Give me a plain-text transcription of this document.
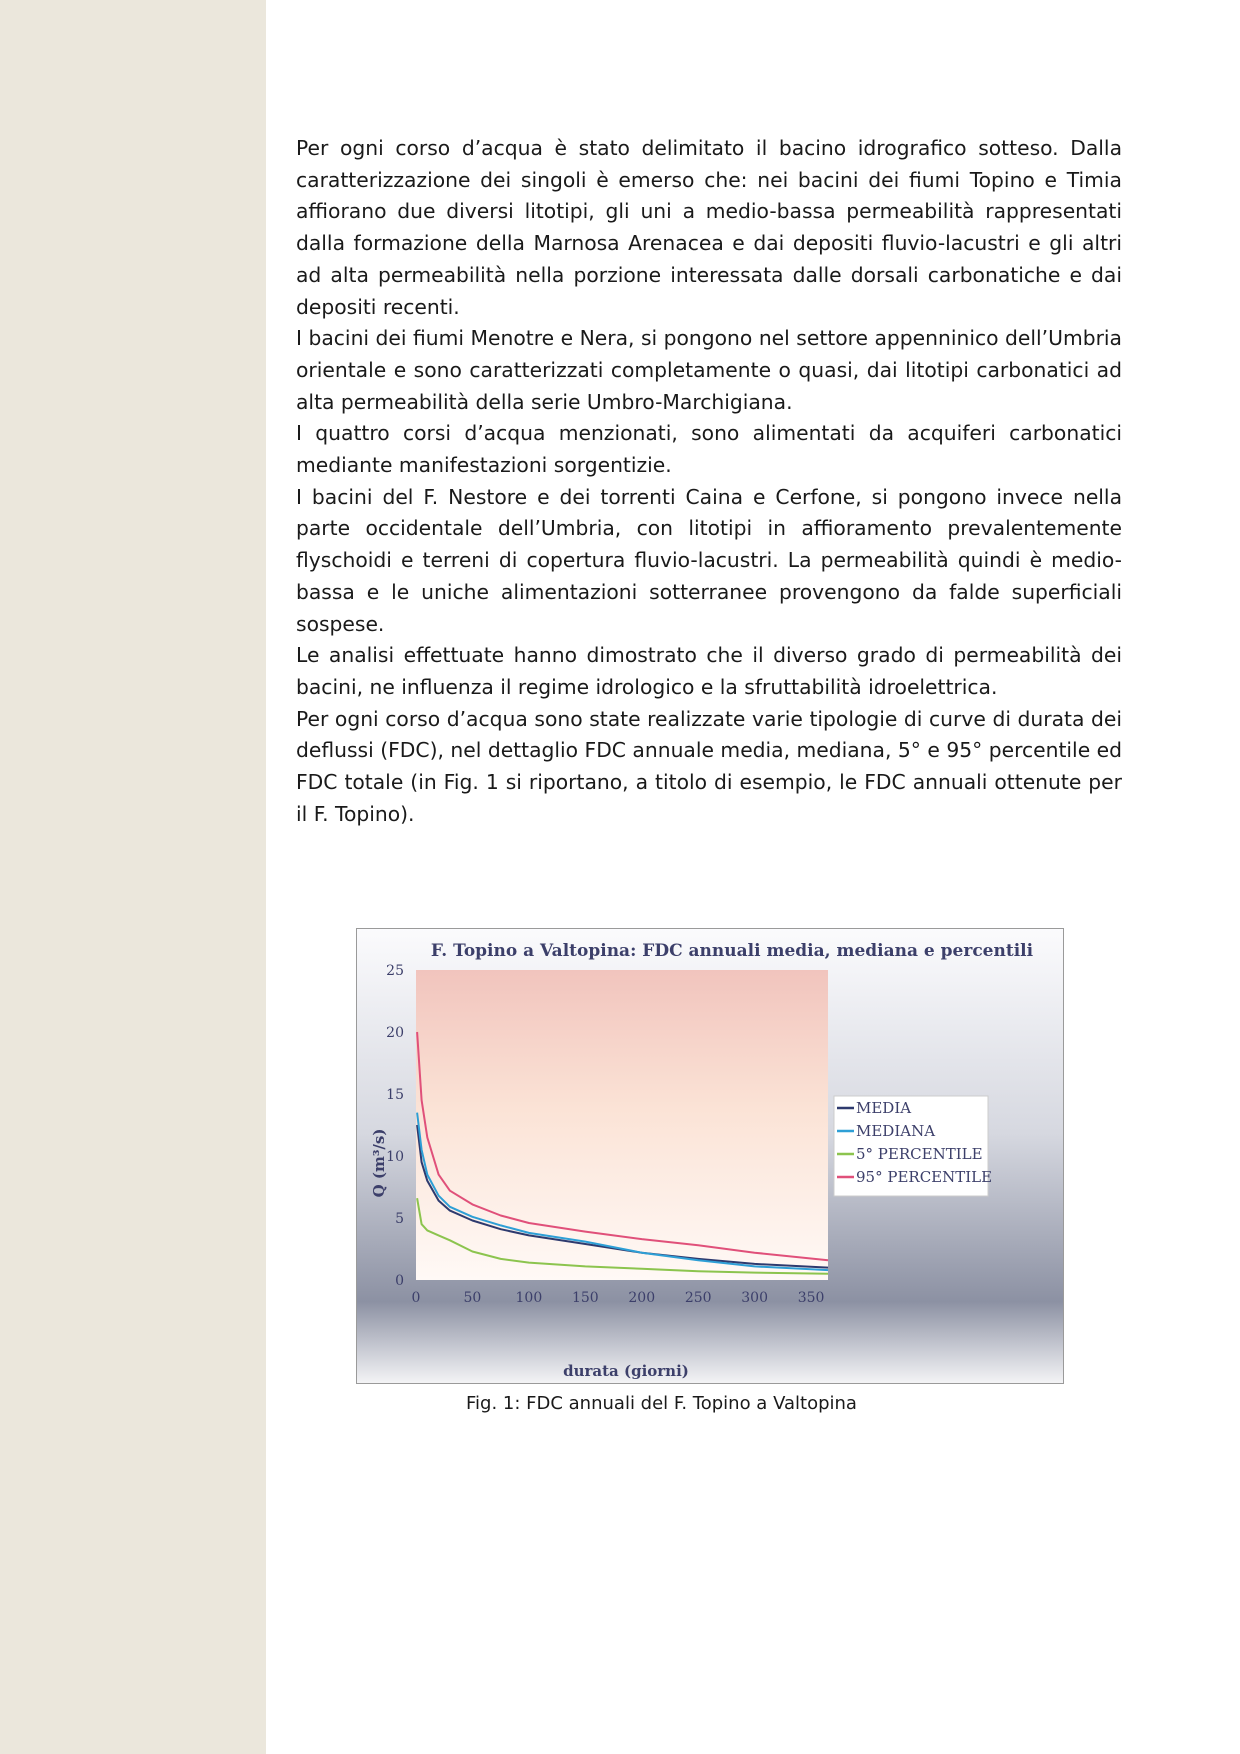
Per ogni corso d’acqua è stato delimitato il bacino idrografico sotteso. Dalla caratterizzazione dei singoli è emerso che: nei bacini dei fiumi Topino e Timia affiorano due diversi litotipi, gli uni a medio-bassa permeabilità rappresentati dalla formazione della Marnosa Arenacea e dai depositi fluvio-lacustri e gli altri ad alta permeabilità nella porzione interessata dalle dorsali carbonatiche e dai depositi recenti.

I bacini dei fiumi Menotre e Nera, si pongono nel settore appenninico dell’Umbria orientale e sono caratterizzati completamente o quasi, dai litotipi carbonatici ad alta permeabilità della serie Umbro-Marchigiana.

I quattro corsi d’acqua menzionati, sono alimentati da acquiferi carbonatici mediante manifestazioni sorgentizie.

I bacini del F. Nestore e dei torrenti Caina e Cerfone, si pongono invece nella parte occidentale dell’Umbria, con litotipi in affioramento prevalentemente flyschoidi e terreni di copertura fluvio-lacustri. La permeabilità quindi è medio-bassa e le uniche alimentazioni sotterranee provengono da falde superficiali sospese.

Le analisi effettuate hanno dimostrato che il diverso grado di permeabilità dei bacini, ne influenza il regime idrologico e la sfruttabilità idroelettrica.

Per ogni corso d’acqua sono state realizzate varie tipologie di curve di durata dei deflussi (FDC), nel dettaglio FDC annuale media, mediana, 5° e 95° percentile ed FDC totale (in Fig. 1 si riportano, a titolo di esempio, le FDC annuali ottenute per il F. Topino).

F. Topino a Valtopina: FDC annuali media, mediana e percentili
0
5
10
15
20
25
0	50 100 150 200 250 300 350
durata (giorni)
Q (m³/s)
MEDIA
MEDIANA
5° PERCENTILE
95° PERCENTILE
Fig. 1: FDC annuali del F. Topino a Valtopina
